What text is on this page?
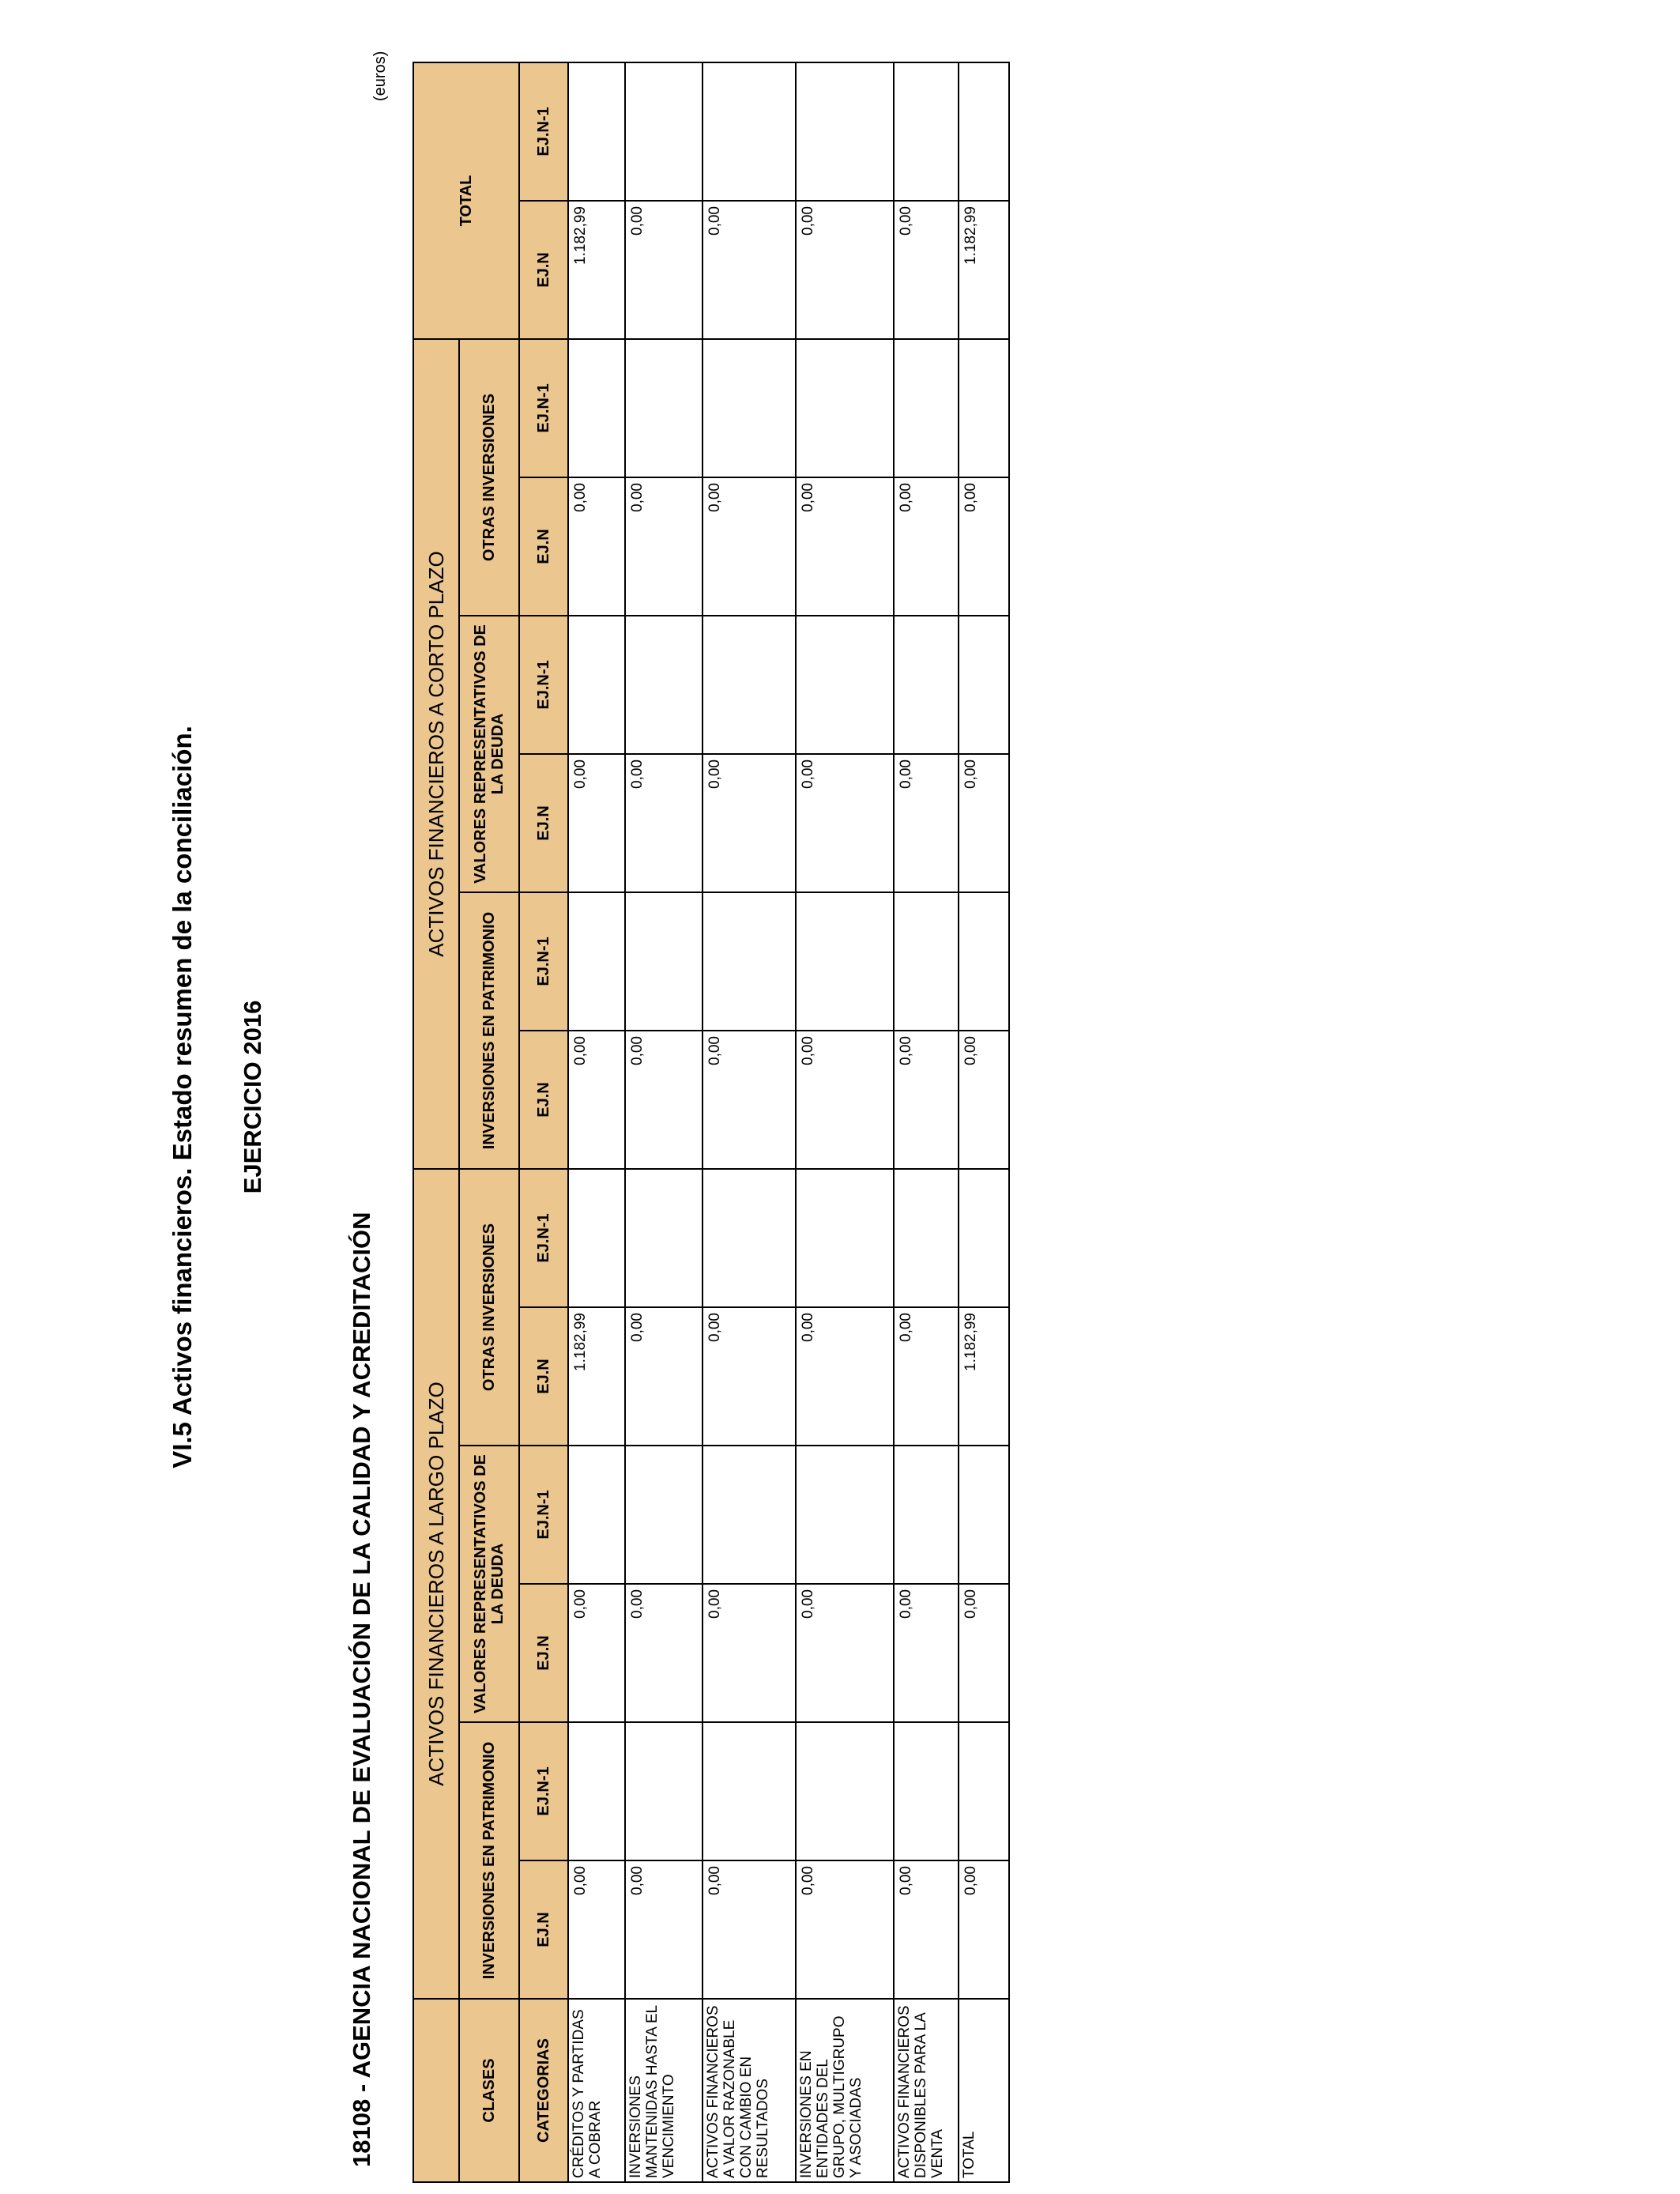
VI.5 Activos financieros. Estado resumen de la conciliación. EJERCICIO 2016
18108 - AGENCIA NACIONAL DE EVALUACIÓN DE LA CALIDAD Y ACREDITACIÓN
(euros)
	ACTIVOS FINANCIEROS A LARGO PLAZO						ACTIVOS FINANCIEROS A CORTO PLAZO						TOTAL	
CLASES	INVERSIONES EN PATRIMONIO		VALORES REPRESENTATIVOS DE LA DEUDA		OTRAS INVERSIONES		INVERSIONES EN PATRIMONIO		VALORES REPRESENTATIVOS DE LA DEUDA		OTRAS INVERSIONES			
CATEGORIAS	EJ.N	EJ.N-1	EJ.N	EJ.N-1	EJ.N	EJ.N-1	EJ.N	EJ.N-1	EJ.N	EJ.N-1	EJ.N	EJ.N-1	EJ.N	EJ.N-1
CRÉDITOS Y PARTIDAS A COBRAR	0,00		0,00		1.182,99		0,00		0,00		0,00		1.182,99	
INVERSIONES MANTENIDAS HASTA EL VENCIMIENTO	0,00		0,00		0,00		0,00		0,00		0,00		0,00	
ACTIVOS FINANCIEROS A VALOR RAZONABLE CON CAMBIO EN RESULTADOS	0,00		0,00		0,00		0,00		0,00		0,00		0,00	
INVERSIONES EN ENTIDADES DEL GRUPO, MULTIGRUPO Y ASOCIADAS	0,00		0,00		0,00		0,00		0,00		0,00		0,00	
ACTIVOS FINANCIEROS DISPONIBLES PARA LA VENTA	0,00		0,00		0,00		0,00		0,00		0,00		0,00	
TOTAL	0,00		0,00		1.182,99		0,00		0,00		0,00		1.182,99	
